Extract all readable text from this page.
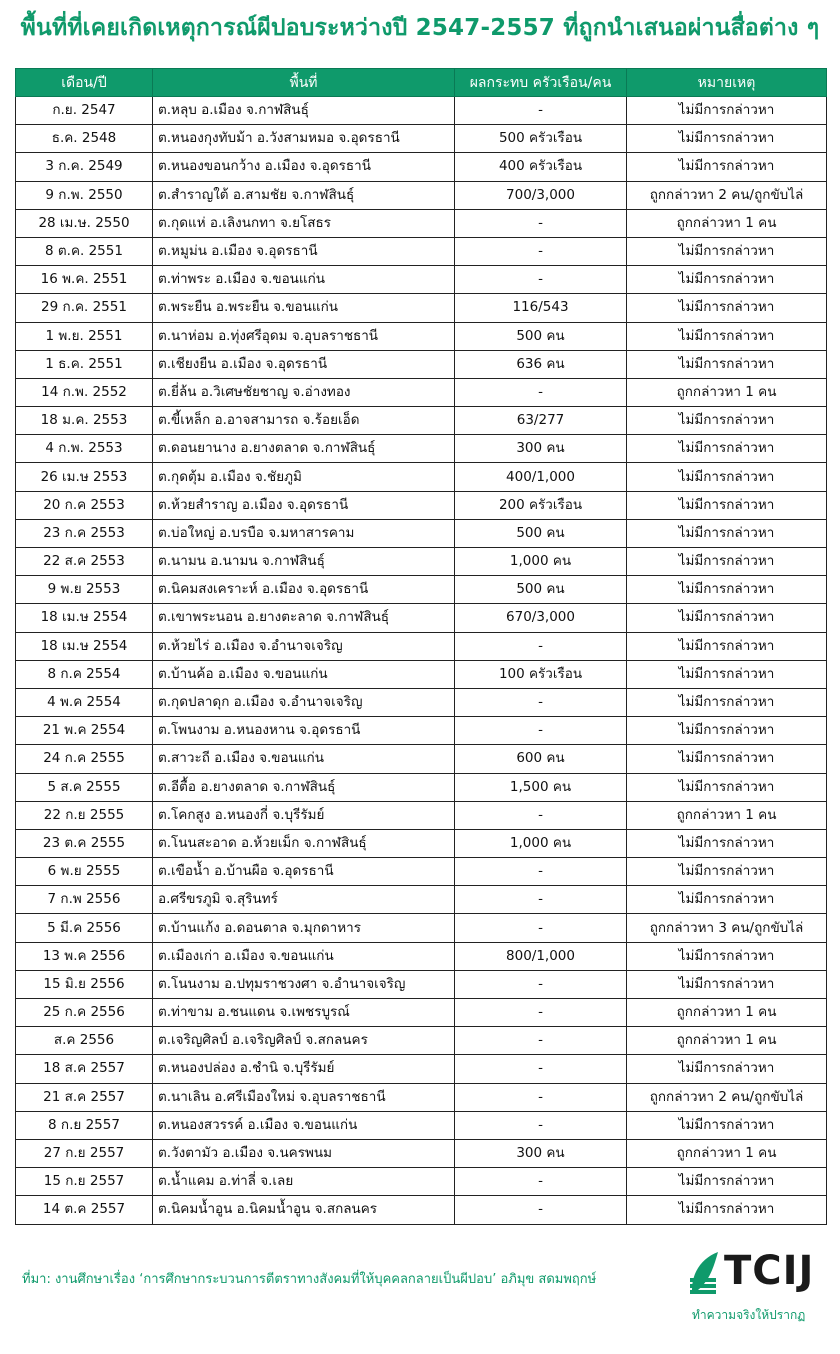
พื้นที่ที่เคยเกิดเหตุการณ์ผีปอบระหว่างปี 2547-2557 ที่ถูกนำเสนอผ่านสื่อต่าง ๆ
เดือน/ปี	พื้นที่	ผลกระทบ ครัวเรือน/คน	หมายเหตุ
ก.ย. 2547	ต.หลุบ อ.เมือง จ.กาฬสินธุ์	-	ไม่มีการกล่าวหา
ธ.ค. 2548	ต.หนองกุงทับม้า อ.วังสามหมอ จ.อุดรธานี	500 ครัวเรือน	ไม่มีการกล่าวหา
3 ก.ค. 2549	ต.หนองขอนกว้าง อ.เมือง จ.อุดรธานี	400 ครัวเรือน	ไม่มีการกล่าวหา
9 ก.พ. 2550	ต.สำราญใต้ อ.สามชัย จ.กาฬสินธุ์	700/3,000	ถูกกล่าวหา 2 คน/ถูกขับไล่
28 เม.ษ. 2550	ต.กุดแห่ อ.เลิงนกทา จ.ยโสธร	-	ถูกกล่าวหา 1 คน
8 ต.ค. 2551	ต.หมูม่น อ.เมือง จ.อุดรธานี	-	ไม่มีการกล่าวหา
16 พ.ค. 2551	ต.ท่าพระ อ.เมือง จ.ขอนแก่น	-	ไม่มีการกล่าวหา
29 ก.ค. 2551	ต.พระยืน อ.พระยืน จ.ขอนแก่น	116/543	ไม่มีการกล่าวหา
1 พ.ย. 2551	ต.นาห่อม อ.ทุ่งศรีอุดม จ.อุบลราชธานี	500 คน	ไม่มีการกล่าวหา
1 ธ.ค. 2551	ต.เชียงยืน อ.เมือง จ.อุดรธานี	636 คน	ไม่มีการกล่าวหา
14 ก.พ. 2552	ต.ยี่ล้น อ.วิเศษชัยชาญ จ.อ่างทอง	-	ถูกกล่าวหา 1 คน
18 ม.ค. 2553	ต.ขี้เหล็ก อ.อาจสามารถ จ.ร้อยเอ็ด	63/277	ไม่มีการกล่าวหา
4 ก.พ. 2553	ต.ดอนยานาง อ.ยางตลาด จ.กาฬสินธุ์	300 คน	ไม่มีการกล่าวหา
26 เม.ษ 2553	ต.กุดตุ้ม อ.เมือง จ.ชัยภูมิ	400/1,000	ไม่มีการกล่าวหา
20 ก.ค 2553	ต.ห้วยสำราญ อ.เมือง จ.อุดรธานี	200 ครัวเรือน	ไม่มีการกล่าวหา
23 ก.ค 2553	ต.บ่อใหญ่ อ.บรบือ จ.มหาสารคาม	500 คน	ไม่มีการกล่าวหา
22 ส.ค 2553	ต.นามน อ.นามน จ.กาฬสินธุ์	1,000 คน	ไม่มีการกล่าวหา
9 พ.ย 2553	ต.นิคมสงเคราะห์ อ.เมือง จ.อุดรธานี	500 คน	ไม่มีการกล่าวหา
18 เม.ษ 2554	ต.เขาพระนอน อ.ยางตะลาด จ.กาฬสินธุ์	670/3,000	ไม่มีการกล่าวหา
18 เม.ษ 2554	ต.ห้วยไร่ อ.เมือง จ.อำนาจเจริญ	-	ไม่มีการกล่าวหา
8 ก.ค 2554	ต.บ้านค้อ อ.เมือง จ.ขอนแก่น	100 ครัวเรือน	ไม่มีการกล่าวหา
4 พ.ค 2554	ต.กุดปลาดุก อ.เมือง จ.อำนาจเจริญ	-	ไม่มีการกล่าวหา
21 พ.ค 2554	ต.โพนงาม อ.หนองหาน จ.อุดรธานี	-	ไม่มีการกล่าวหา
24 ก.ค 2555	ต.สาวะถี อ.เมือง จ.ขอนแก่น	600 คน	ไม่มีการกล่าวหา
5 ส.ค 2555	ต.อีตื้อ อ.ยางตลาด จ.กาฬสินธุ์	1,500 คน	ไม่มีการกล่าวหา
22 ก.ย 2555	ต.โคกสูง อ.หนองกี่ จ.บุรีรัมย์	-	ถูกกล่าวหา 1 คน
23 ต.ค 2555	ต.โนนสะอาด อ.ห้วยเม็ก จ.กาฬสินธุ์	1,000 คน	ไม่มีการกล่าวหา
6 พ.ย 2555	ต.เขือน้ำ อ.บ้านผือ จ.อุดรธานี	-	ไม่มีการกล่าวหา
7 ก.พ 2556	อ.ศรีขรภูมิ จ.สุรินทร์	-	ไม่มีการกล่าวหา
5 มี.ค 2556	ต.บ้านแก้ง อ.ดอนตาล จ.มุกดาหาร	-	ถูกกล่าวหา 3 คน/ถูกขับไล่
13 พ.ค 2556	ต.เมืองเก่า อ.เมือง จ.ขอนแก่น	800/1,000	ไม่มีการกล่าวหา
15 มิ.ย 2556	ต.โนนงาม อ.ปทุมราชวงศา จ.อำนาจเจริญ	-	ไม่มีการกล่าวหา
25 ก.ค 2556	ต.ท่าขาม อ.ชนแดน จ.เพชรบูรณ์	-	ถูกกล่าวหา 1 คน
ส.ค 2556	ต.เจริญศิลป์ อ.เจริญศิลป์ จ.สกลนคร	-	ถูกกล่าวหา 1 คน
18 ส.ค 2557	ต.หนองปล่อง อ.ชำนิ จ.บุรีรัมย์	-	ไม่มีการกล่าวหา
21 ส.ค 2557	ต.นาเลิน อ.ศรีเมืองใหม่ จ.อุบลราชธานี	-	ถูกกล่าวหา 2 คน/ถูกขับไล่
8 ก.ย 2557	ต.หนองสวรรค์ อ.เมือง จ.ขอนแก่น	-	ไม่มีการกล่าวหา
27 ก.ย 2557	ต.วังตามัว อ.เมือง จ.นครพนม	300 คน	ถูกกล่าวหา 1 คน
15 ก.ย 2557	ต.น้ำแคม อ.ท่าลี่ จ.เลย	-	ไม่มีการกล่าวหา
14 ต.ค 2557	ต.นิคมน้ำอูน อ.นิคมน้ำอูน จ.สกลนคร	-	ไม่มีการกล่าวหา
ที่มา: งานศึกษาเรื่อง ‘การศึกษากระบวนการตีตราทางสังคมที่ให้บุคคลกลายเป็นผีปอบ’ อภิมุข สดมพฤกษ์	TCIJ
ทำความจริงให้ปรากฏ
